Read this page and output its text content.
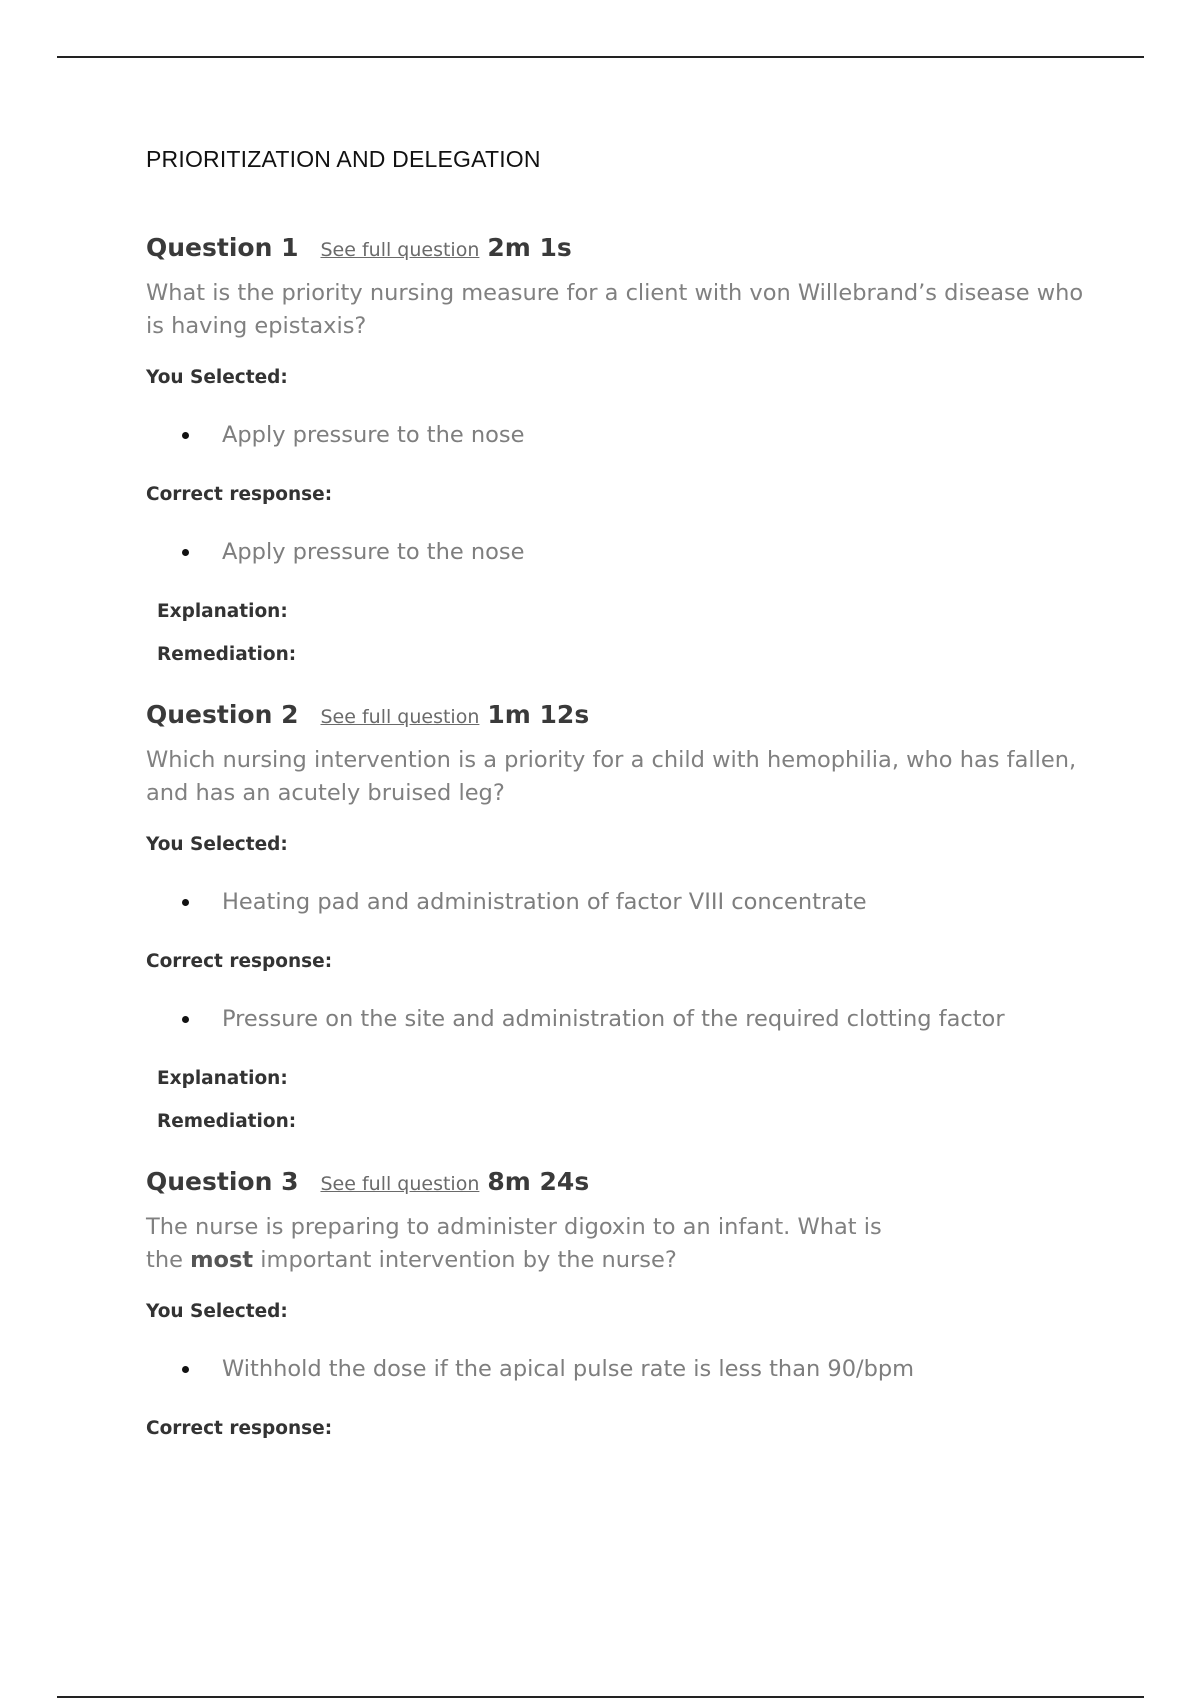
PRIORITIZATION AND DELEGATION
Question 1 See full question 2m 1s

What is the priority nursing measure for a client with von Willebrand’s disease who is having epistaxis?

You Selected:
Apply pressure to the nose
Correct response:
Apply pressure to the nose
Explanation:
Remediation:
Question 2 See full question 1m 12s

Which nursing intervention is a priority for a child with hemophilia, who has fallen, and has an acutely bruised leg?

You Selected:
Heating pad and administration of factor VIII concentrate
Correct response:
Pressure on the site and administration of the required clotting factor
Explanation:
Remediation:
Question 3 See full question 8m 24s

The nurse is preparing to administer digoxin to an infant. What is
the most important intervention by the nurse?

You Selected:
Withhold the dose if the apical pulse rate is less than 90/bpm
Correct response:
